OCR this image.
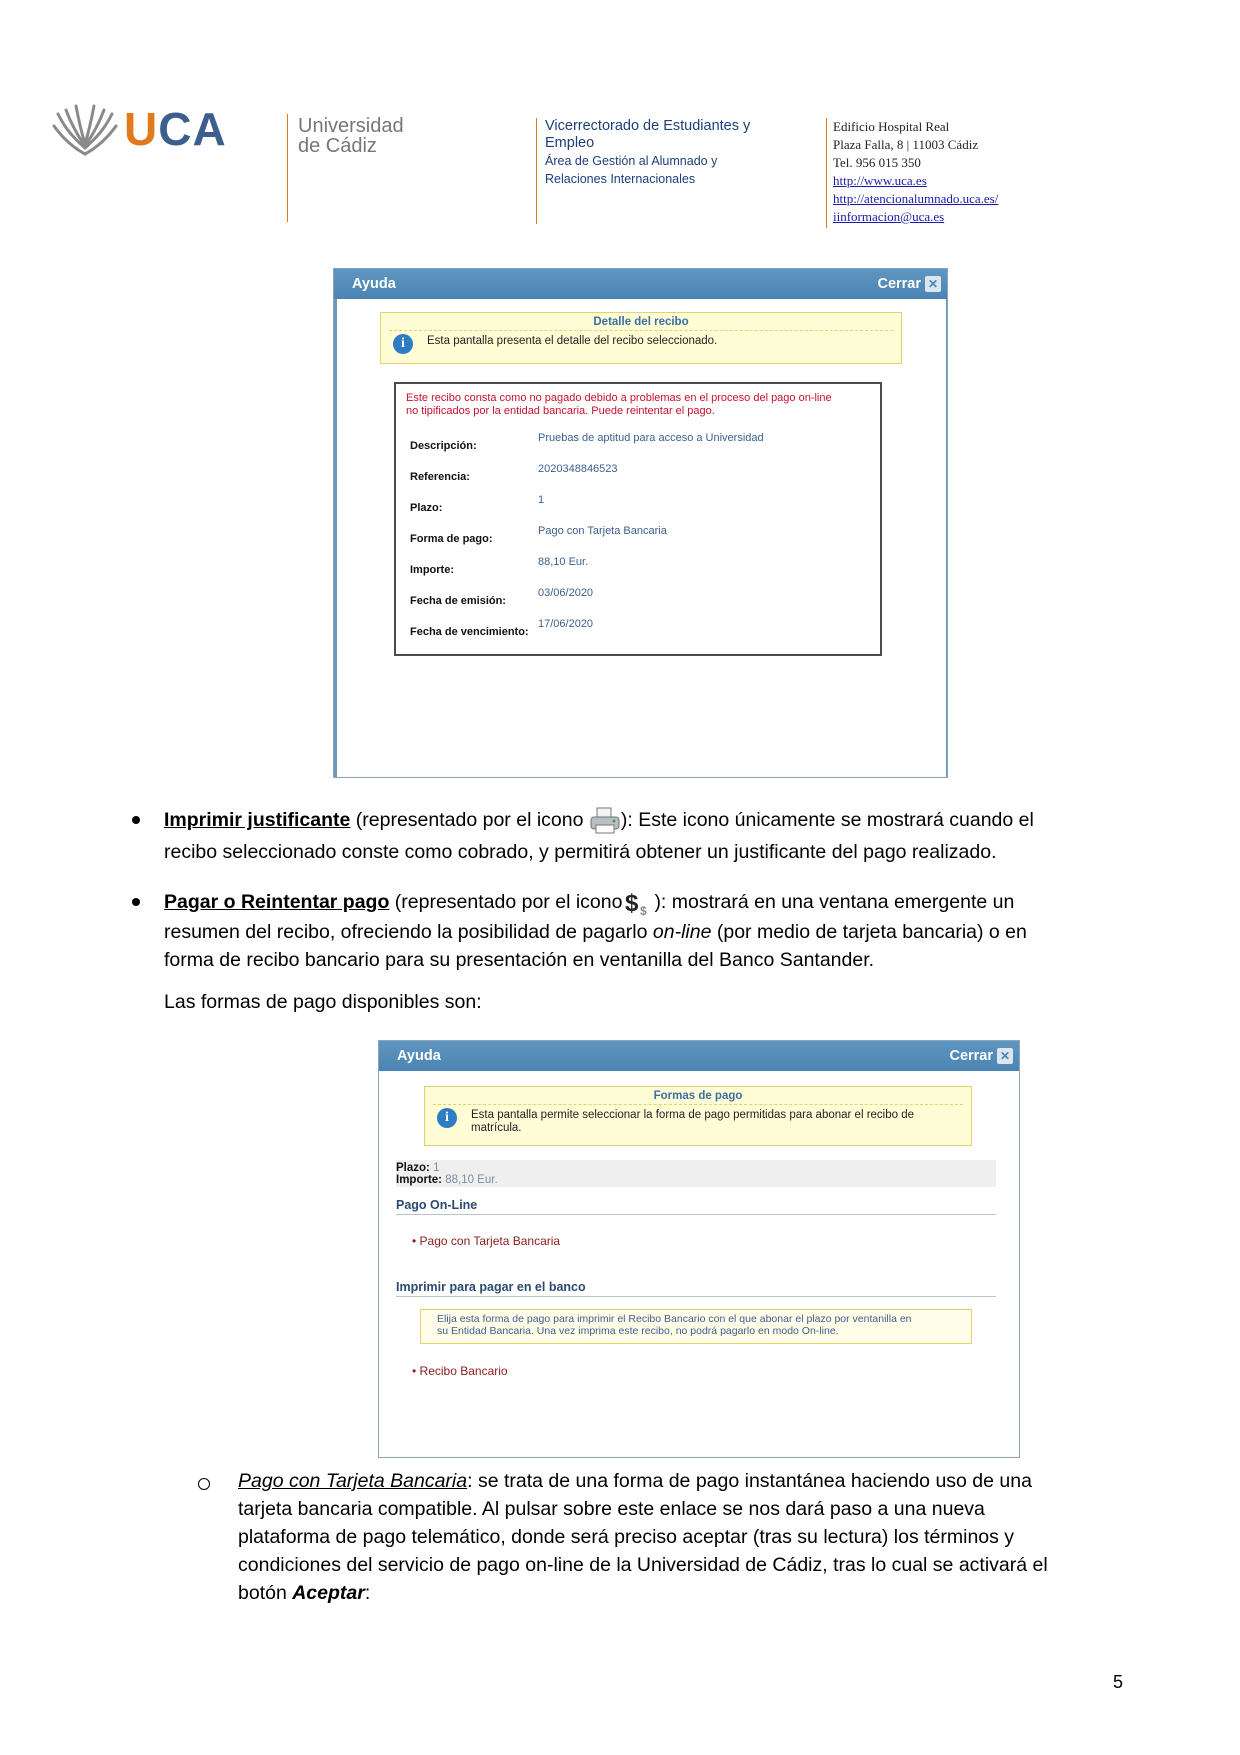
UCA	Universidad
de Cádiz
Vicerrectorado de Estudiantes y
Empleo
Área de Gestión al Alumnado y
Relaciones Internacionales
Edificio Hospital Real
Plaza Falla, 8 | 11003 Cádiz
Tel. 956 015 350
http://www.uca.es
http://atencionalumnado.uca.es/
iinformacion@uca.es
Ayuda	Cerrar ✕
Detalle del recibo
i	Esta pantalla presenta el detalle del recibo seleccionado.
Este recibo consta como no pagado debido a problemas en el proceso del pago on-line
no tipificados por la entidad bancaria. Puede reintentar el pago.
Descripción:
Pruebas de aptitud para acceso a Universidad
Referencia:
2020348846523
Plazo:
1
Forma de pago:
Pago con Tarjeta Bancaria
Importe:
88,10 Eur.
Fecha de emisión:
03/06/2020
Fecha de vencimiento:
17/06/2020
Imprimir justificante (representado por el icono ): Este icono únicamente se mostrará cuando el
recibo seleccionado conste como cobrado, y permitirá obtener un justificante del pago realizado.
Pagar o Reintentar pago (representado por el icono $ $ ): mostrará en una ventana emergente un
resumen del recibo, ofreciendo la posibilidad de pagarlo on-line (por medio de tarjeta bancaria) o en
forma de recibo bancario para su presentación en ventanilla del Banco Santander.
Las formas de pago disponibles son:
Ayuda	Cerrar ✕
Formas de pago
i	Esta pantalla permite seleccionar la forma de pago permitidas para abonar el recibo de
matrícula.
Plazo: 1
Importe: 88,10 Eur.
Pago On-Line
• Pago con Tarjeta Bancaria
Imprimir para pagar en el banco
Elija esta forma de pago para imprimir el Recibo Bancario con el que abonar el plazo por ventanilla en
su Entidad Bancaria. Una vez imprima este recibo, no podrá pagarlo en modo On-line.
• Recibo Bancario
Pago con Tarjeta Bancaria: se trata de una forma de pago instantánea haciendo uso de una
tarjeta bancaria compatible. Al pulsar sobre este enlace se nos dará paso a una nueva
plataforma de pago telemático, donde será preciso aceptar (tras su lectura) los términos y
condiciones del servicio de pago on-line de la Universidad de Cádiz, tras lo cual se activará el
botón Aceptar:
5
